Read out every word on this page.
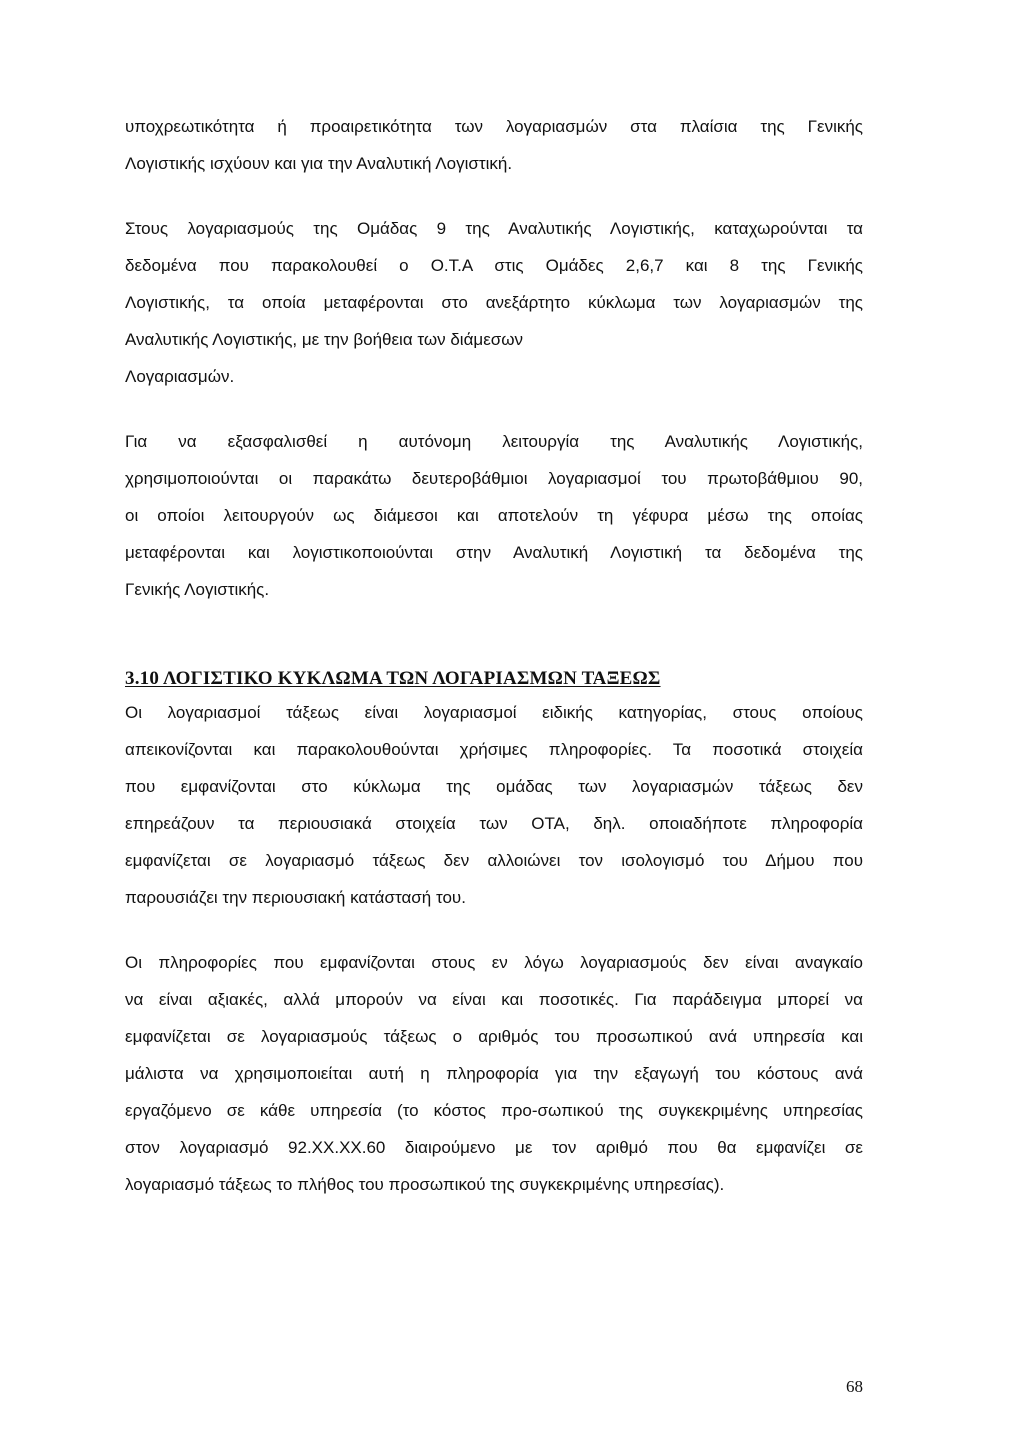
υποχρεωτικότητα ή προαιρετικότητα των λογαριασμών στα πλαίσια της Γενικής
Λογιστικής ισχύουν και για την Αναλυτική Λογιστική.

Στους λογαριασμούς της Ομάδας 9 της Αναλυτικής Λογιστικής, καταχωρούνται τα
δεδομένα που παρακολουθεί ο Ο.Τ.Α στις Ομάδες 2,6,7 και 8 της Γενικής
Λογιστικής, τα οποία μεταφέρονται στο ανεξάρτητο κύκλωμα των λογαριασμών της
Αναλυτικής Λογιστικής, με την βοήθεια των διάμεσων
Λογαριασμών.

Για να εξασφαλισθεί η αυτόνομη λειτουργία της Αναλυτικής Λογιστικής,
χρησιμοποιούνται οι παρακάτω δευτεροβάθμιοι λογαριασμοί του πρωτοβάθμιου 90,
οι οποίοι λειτουργούν ως διάμεσοι και αποτελούν τη γέφυρα μέσω της οποίας
μεταφέρονται και λογιστικοποιούνται στην Αναλυτική Λογιστική τα δεδομένα της
Γενικής Λογιστικής.

3.10 ΛΟΓΙΣΤΙΚΟ ΚΥΚΛΩΜΑ ΤΩΝ ΛΟΓΑΡΙΑΣΜΩΝ ΤΑΞΕΩΣ

Οι λογαριασμοί τάξεως είναι λογαριασμοί ειδικής κατηγορίας, στους οποίους
απεικονίζονται και παρακολουθούνται χρήσιμες πληροφορίες. Τα ποσοτικά στοιχεία
που εμφανίζονται στο κύκλωμα της ομάδας των λογαριασμών τάξεως δεν
επηρεάζουν τα περιουσιακά στοιχεία των ΟΤΑ, δηλ. οποιαδήποτε πληροφορία
εμφανίζεται σε λογαριασμό τάξεως δεν αλλοιώνει τον ισολογισμό του Δήμου που
παρουσιάζει την περιουσιακή κατάστασή του.

Οι πληροφορίες που εμφανίζονται στους εν λόγω λογαριασμούς δεν είναι αναγκαίο
να είναι αξιακές, αλλά μπορούν να είναι και ποσοτικές. Για παράδειγμα μπορεί να
εμφανίζεται σε λογαριασμούς τάξεως ο αριθμός του προσωπικού ανά υπηρεσία και
μάλιστα να χρησιμοποιείται αυτή η πληροφορία για την εξαγωγή του κόστους ανά
εργαζόμενο σε κάθε υπηρεσία (το κόστος προ-σωπικού της συγκεκριμένης υπηρεσίας
στον λογαριασμό 92.ΧΧ.ΧΧ.60 διαιρούμενο με τον αριθμό που θα εμφανίζει σε
λογαριασμό τάξεως το πλήθος του προσωπικού της συγκεκριμένης υπηρεσίας).

68
